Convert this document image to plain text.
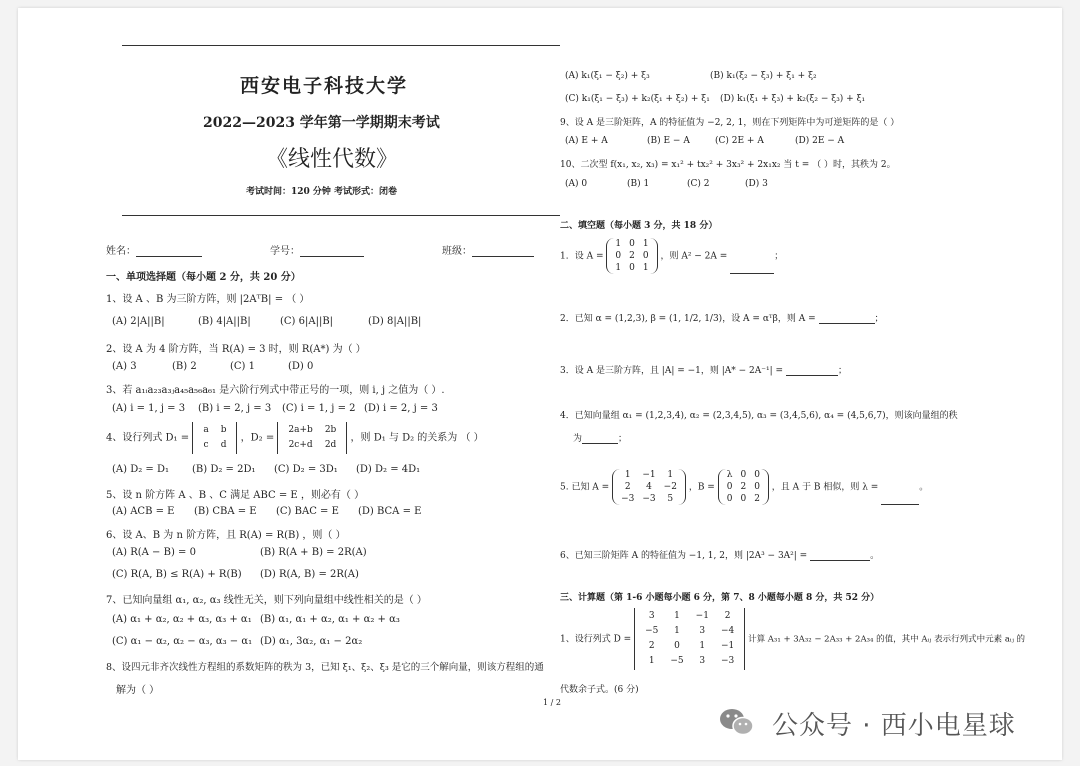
西安电子科技大学
2022—2023 学年第一学期期末考试
《线性代数》
考试时间：120 分钟 考试形式：闭卷
姓名：	学号：	班级：
一、单项选择题（每小题 2 分，共 20 分）
1、设 A 、B 为三阶方阵，则 |2AᵀB| = （ ）
(A) 2|A||B|	(B) 4|A||B|	(C) 6|A||B|	(D) 8|A||B|
2、设 A 为 4 阶方阵，当 R(A) = 3 时，则 R(A*) 为（ ）
(A) 3	(B) 2	(C) 1	(D) 0
3、若 a₁ᵢa₂₃a₃ⱼa₄₅a₅₆a₆₁ 是六阶行列式中带正号的一项，则 i, j 之值为（ ）.
(A) i = 1, j = 3 (B) i = 2, j = 3 (C) i = 1, j = 2 (D) i = 2, j = 3
4、设行列式 D₁ =
a	b
c	d
，D₂ =
2a+b	2b
2c+d	2d
，则 D₁ 与 D₂ 的关系为 （ ）
(A) D₂ = D₁ (B) D₂ = 2D₁ (C) D₂ = 3D₁ (D) D₂ = 4D₁
5、设 n 阶方阵 A 、B 、C 满足 ABC = E ，则必有（ ）
(A) ACB = E (B) CBA = E (C) BAC = E (D) BCA = E
6、设 A、B 为 n 阶方阵，且 R(A) = R(B) ，则（ ）
(A) R(A − B) = 0	(B) R(A + B) = 2R(A)
(C) R(A, B) ≤ R(A) + R(B) (D) R(A, B) = 2R(A)
7、已知向量组 α₁, α₂, α₃ 线性无关，则下列向量组中线性相关的是（ ）
(A) α₁ + α₂, α₂ + α₃, α₃ + α₁ (B) α₁, α₁ + α₂, α₁ + α₂ + α₃
(C) α₁ − α₂, α₂ − α₃, α₃ − α₁ (D) α₁, 3α₂, α₁ − 2α₂
8、设四元非齐次线性方程组的系数矩阵的秩为 3，已知 ξ₁、ξ₂、ξ₃ 是它的三个解向量，则该方程组的通
解为（ ）
(A) k₁(ξ₁ − ξ₂) + ξ₃	(B) k₁(ξ₂ − ξ₃) + ξ₁ + ξ₂
(C) k₁(ξ₁ − ξ₃) + k₂(ξ₁ + ξ₂) + ξ₁ (D) k₁(ξ₁ + ξ₃) + k₂(ξ₂ − ξ₃) + ξ₁
9、设 A 是三阶矩阵，A 的特征值为 −2, 2, 1，则在下列矩阵中为可逆矩阵的是（ ）
(A) E + A	(B) E − A	(C) 2E + A	(D) 2E − A
10、二次型 f(x₁, x₂, x₃) = x₁² + tx₂² + 3x₃² + 2x₁x₂ 当 t = （ ）时，其秩为 2。
(A) 0	(B) 1	(C) 2	(D) 3
二、填空题（每小题 3 分，共 18 分）
1．设 A =
1	0	1
0	2	0
1	0	1
，则 A² − 2A =	；
2．已知 α = (1,2,3), β = (1, 1/2, 1/3)，设 A = αᵀβ，则 A =	；
3．设 A 是三阶方阵，且 |A| = −1，则 |A* − 2A⁻¹| =	；
4．已知向量组 α₁ = (1,2,3,4), α₂ = (2,3,4,5), α₃ = (3,4,5,6), α₄ = (4,5,6,7)，则该向量组的秩
为	；
5. 已知 A =
1	−1	1
2	4	−2
−3	−3	5
，B =
λ	0	0
0	2	0
0	0	2
，且 A 于 B 相似，则 λ =	。
6、已知三阶矩阵 A 的特征值为 −1, 1, 2，则 |2A³ − 3A²| =	。
三、计算题（第 1-6 小题每小题 6 分，第 7、8 小题每小题 8 分，共 52 分）
1、设行列式 D =
3	1	−1	2
−5	1	3	−4
2	0	1	−1
1	−5	3	−3
计算 A₃₁ + 3A₃₂ − 2A₃₃ + 2A₃₄ 的值，其中 Aᵢⱼ 表示行列式中元素 aᵢⱼ 的
代数余子式。(6 分)
1 / 2
公众号 · 西小电星球
